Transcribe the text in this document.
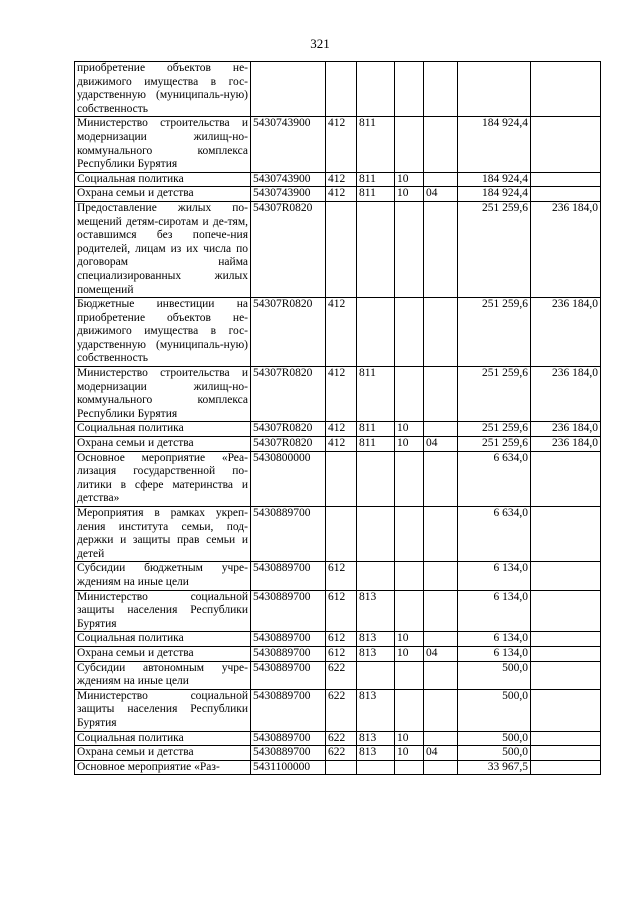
321
приобретение объектов не-движимого имущества в гос-ударственную (муниципаль-ную) собственность							
Министерство строительства и модернизации жилищ-но-коммунального комплекса Республики Бурятия	5430743900	412	811			184 924,4	
Социальная политика	5430743900	412	811	10		184 924,4	
Охрана семьи и детства	5430743900	412	811	10	04	184 924,4	
Предоставление жилых по-мещений детям-сиротам и де-тям, оставшимся без попече-ния родителей, лицам из их числа по договорам найма специализированных жилых помещений	54307R0820					251 259,6	236 184,0
Бюджетные инвестиции на приобретение объектов не-движимого имущества в гос-ударственную (муниципаль-ную) собственность	54307R0820	412				251 259,6	236 184,0
Министерство строительства и модернизации жилищ-но-коммунального комплекса Республики Бурятия	54307R0820	412	811			251 259,6	236 184,0
Социальная политика	54307R0820	412	811	10		251 259,6	236 184,0
Охрана семьи и детства	54307R0820	412	811	10	04	251 259,6	236 184,0
Основное мероприятие «Реа-лизация государственной по-литики в сфере материнства и детства»	5430800000					6 634,0	
Мероприятия в рамках укреп-ления института семьи, под-держки и защиты прав семьи и детей	5430889700					6 634,0	
Субсидии бюджетным учре-ждениям на иные цели	5430889700	612				6 134,0	
Министерство социальной защиты населения Республики Бурятия	5430889700	612	813			6 134,0	
Социальная политика	5430889700	612	813	10		6 134,0	
Охрана семьи и детства	5430889700	612	813	10	04	6 134,0	
Субсидии автономным учре-ждениям на иные цели	5430889700	622				500,0	
Министерство социальной защиты населения Республики Бурятия	5430889700	622	813			500,0	
Социальная политика	5430889700	622	813	10		500,0	
Охрана семьи и детства	5430889700	622	813	10	04	500,0	
Основное мероприятие «Раз-	5431100000					33 967,5	
